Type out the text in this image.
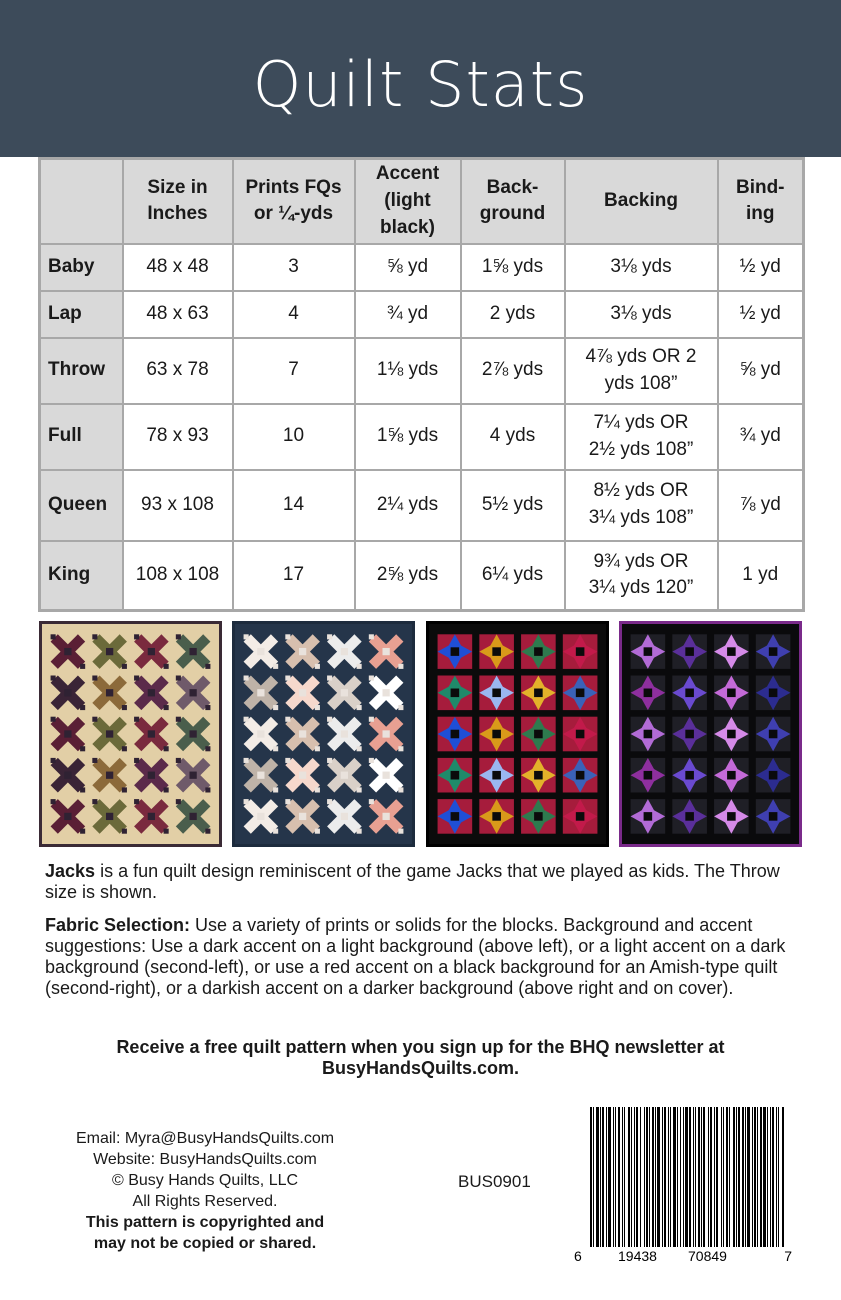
Quilt Stats
	Size in
Inches	Prints FQs
or ¼-yds	Accent
(light
black)	Back-
ground	Backing	Bind-
ing
Baby	48 x 48	3	⅝ yd	1⅝ yds	3⅛ yds	½ yd
Lap	48 x 63	4	¾ yd	2 yds	3⅛ yds	½ yd
Throw	63 x 78	7	1⅛ yds	2⅞ yds	4⅞ yds OR 2
yds 108”	⅝ yd
Full	78 x 93	10	1⅝ yds	4 yds	7¼ yds OR
2½ yds 108”	¾ yd
Queen	93 x 108	14	2¼ yds	5½ yds	8½ yds OR
3¼ yds 108”	⅞ yd
King	108 x 108	17	2⅝ yds	6¼ yds	9¾ yds OR
3¼ yds 120”	1 yd

Jacks is a fun quilt design reminiscent of the game Jacks that we played as kids. The Throw size is shown.

Fabric Selection: Use a variety of prints or solids for the blocks. Background and accent suggestions: Use a dark accent on a light background (above left), or a light accent on a dark background (second-left), or use a red accent on a black background for an Amish-type quilt (second-right), or a darkish accent on a darker background (above right and on cover).

Receive a free quilt pattern when you sign up for the BHQ newsletter at
BusyHandsQuilts.com.
Email: Myra@BusyHandsQuilts.com
Website: BusyHandsQuilts.com
© Busy Hands Quilts, LLC
All Rights Reserved.
This pattern is copyrighted and
may not be copied or shared.
BUS0901
6	19438 70849	7
